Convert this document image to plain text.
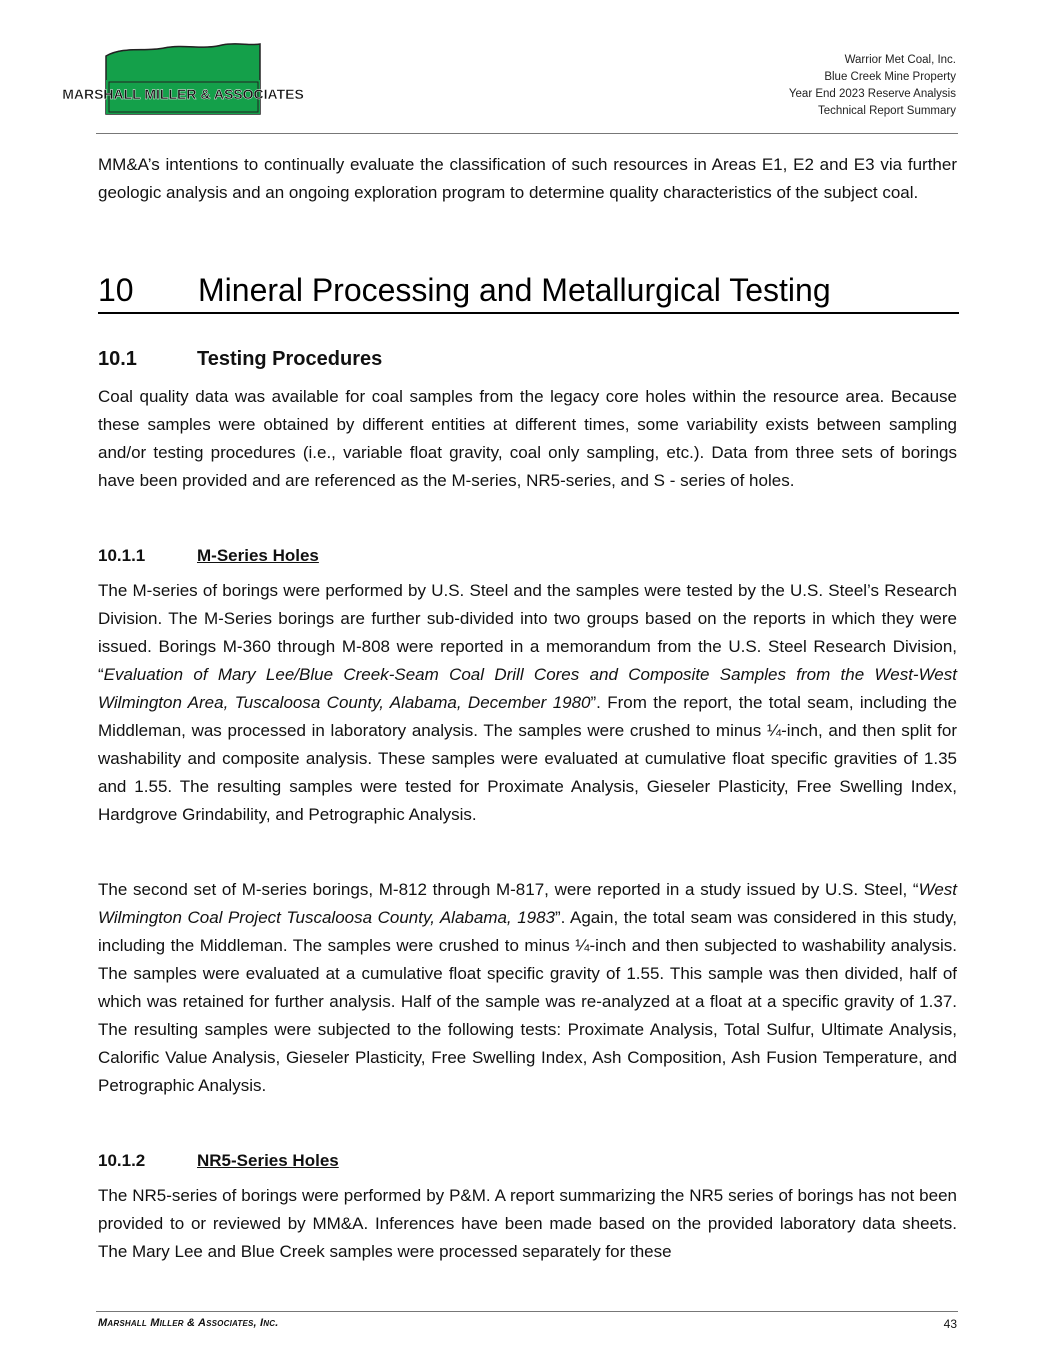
MARSHALL MILLER & ASSOCIATES
Warrior Met Coal, Inc.
Blue Creek Mine Property
Year End 2023 Reserve Analysis
Technical Report Summary

MM&A’s intentions to continually evaluate the classification of such resources in Areas E1, E2 and E3 via further geologic analysis and an ongoing exploration program to determine quality characteristics of the subject coal.

10 Mineral Processing and Metallurgical Testing
10.1	Testing Procedures

Coal quality data was available for coal samples from the legacy core holes within the resource area. Because these samples were obtained by different entities at different times, some variability exists between sampling and/or testing procedures (i.e., variable float gravity, coal only sampling, etc.). Data from three sets of borings have been provided and are referenced as the M-series, NR5-series, and S - series of holes.

10.1.1	M-Series Holes

The M-series of borings were performed by U.S. Steel and the samples were tested by the U.S. Steel’s Research Division. The M-Series borings are further sub-divided into two groups based on the reports in which they were issued. Borings M-360 through M-808 were reported in a memorandum from the U.S. Steel Research Division, “Evaluation of Mary Lee/Blue Creek-Seam Coal Drill Cores and Composite Samples from the West-West Wilmington Area, Tuscaloosa County, Alabama, December 1980”. From the report, the total seam, including the Middleman, was processed in laboratory analysis. The samples were crushed to minus ¼-inch, and then split for washability and composite analysis. These samples were evaluated at cumulative float specific gravities of 1.35 and 1.55. The resulting samples were tested for Proximate Analysis, Gieseler Plasticity, Free Swelling Index, Hardgrove Grindability, and Petrographic Analysis.

The second set of M-series borings, M-812 through M-817, were reported in a study issued by U.S. Steel, “West Wilmington Coal Project Tuscaloosa County, Alabama, 1983”. Again, the total seam was considered in this study, including the Middleman. The samples were crushed to minus ¼-inch and then subjected to washability analysis. The samples were evaluated at a cumulative float specific gravity of 1.55. This sample was then divided, half of which was retained for further analysis. Half of the sample was re-analyzed at a float at a specific gravity of 1.37. The resulting samples were subjected to the following tests: Proximate Analysis, Total Sulfur, Ultimate Analysis, Calorific Value Analysis, Gieseler Plasticity, Free Swelling Index, Ash Composition, Ash Fusion Temperature, and Petrographic Analysis.

10.1.2	NR5-Series Holes

The NR5-series of borings were performed by P&M. A report summarizing the NR5 series of borings has not been provided to or reviewed by MM&A. Inferences have been made based on the provided laboratory data sheets. The Mary Lee and Blue Creek samples were processed separately for these

Marshall Miller & Associates, Inc.	43
